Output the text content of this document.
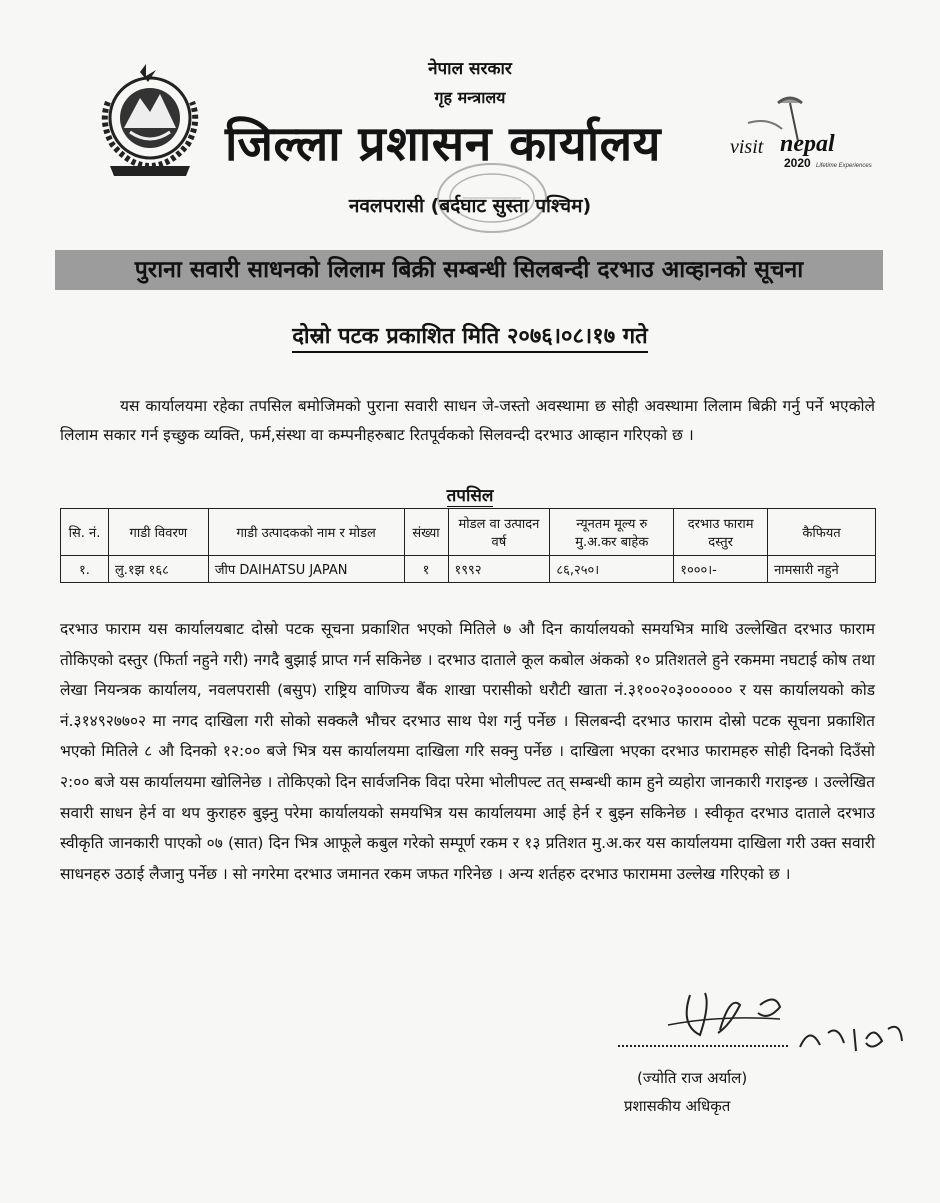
नेपाल सरकार
गृह मन्त्रालय
जिल्ला प्रशासन कार्यालय	visit nepal
2020 Lifetime Experiences
नवलपरासी (बर्दघाट सुस्ता पश्चिम)
पुराना सवारी साधनको लिलाम बिक्री सम्बन्धी सिलबन्दी दरभाउ आव्हानको सूचना
दोस्रो पटक प्रकाशित मिति २०७६।०८।१७ गते
यस कार्यालयमा रहेका तपसिल बमोजिमको पुराना सवारी साधन जे-जस्तो अवस्थामा छ सोही अवस्थामा लिलाम बिक्री गर्नु पर्ने भएकोले लिलाम सकार गर्न इच्छुक व्यक्ति, फर्म,संस्था वा कम्पनीहरुबाट रितपूर्वकको सिलवन्दी दरभाउ आव्हान गरिएको छ ।
तपसिल
सि. नं.	गाडी विवरण	गाडी उत्पादकको नाम र मोडल	संख्या	मोडल वा उत्पादन वर्ष	न्यूनतम मूल्य रु मु.अ.कर बाहेक	दरभाउ फाराम दस्तुर	कैफियत
१.	लु.१झ १६८	जीप DAIHATSU JAPAN	१	१९९२	८६,२५०।	१०००।-	नामसारी नहुने
दरभाउ फाराम यस कार्यालयबाट दोस्रो पटक सूचना प्रकाशित भएको मितिले ७ औ दिन कार्यालयको समयभित्र माथि उल्लेखित दरभाउ फाराम तोकिएको दस्तुर (फिर्ता नहुने गरी) नगदै बुझाई प्राप्त गर्न सकिनेछ । दरभाउ दाताले कूल कबोल अंकको १० प्रतिशतले हुने रकममा नघटाई कोष तथा लेखा नियन्त्रक कार्यालय, नवलपरासी (बसुप) राष्ट्रिय वाणिज्य बैंक शाखा परासीको धरौटी खाता नं.३१००२०३०००००० र यस कार्यालयको कोड नं.३१४९२७७०२ मा नगद दाखिला गरी सोको सक्कलै भौचर दरभाउ साथ पेश गर्नु पर्नेछ । सिलबन्दी दरभाउ फाराम दोस्रो पटक सूचना प्रकाशित भएको मितिले ८ औ दिनको १२:०० बजे भित्र यस कार्यालयमा दाखिला गरि सक्नु पर्नेछ । दाखिला भएका दरभाउ फारामहरु सोही दिनको दिउँसो २:०० बजे यस कार्यालयमा खोलिनेछ । तोकिएको दिन सार्वजनिक विदा परेमा भोलीपल्ट तत् सम्बन्धी काम हुने व्यहोरा जानकारी गराइन्छ । उल्लेखित सवारी साधन हेर्न वा थप कुराहरु बुझ्नु परेमा कार्यालयको समयभित्र यस कार्यालयमा आई हेर्न र बुझ्न सकिनेछ । स्वीकृत दरभाउ दाताले दरभाउ स्वीकृति जानकारी पाएको ०७ (सात) दिन भित्र आफूले कबुल गरेको सम्पूर्ण रकम र १३ प्रतिशत मु.अ.कर यस कार्यालयमा दाखिला गरी उक्त सवारी साधनहरु उठाई लैजानु पर्नेछ । सो नगरेमा दरभाउ जमानत रकम जफत गरिनेछ । अन्य शर्तहरु दरभाउ फाराममा उल्लेख गरिएको छ ।
(ज्योति राज अर्याल)
प्रशासकीय अधिकृत
